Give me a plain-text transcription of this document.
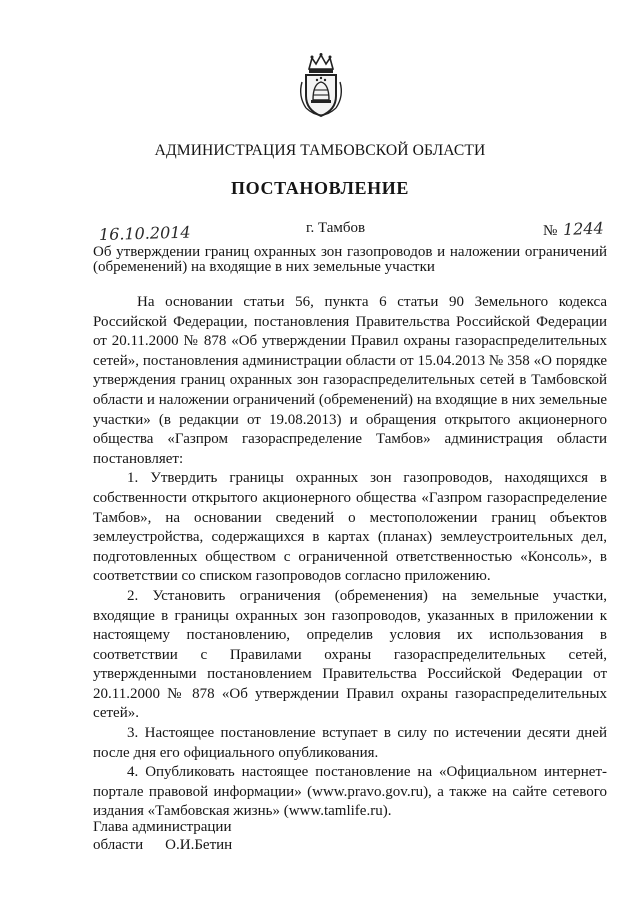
АДМИНИСТРАЦИЯ ТАМБОВСКОЙ ОБЛАСТИ
ПОСТАНОВЛЕНИЕ
16.10.2014	г. Тамбов	№ 1244
Об утверждении границ охранных зон газопроводов и наложении ограничений (обременений) на входящие в них земельные участки

На основании статьи 56, пункта 6 статьи 90 Земельного кодекса Российской Федерации, постановления Правительства Российской Федерации от 20.11.2000 № 878 «Об утверждении Правил охраны газораспределительных сетей», постановления администрации области от 15.04.2013 № 358 «О порядке утверждения границ охранных зон газораспределительных сетей в Тамбовской области и наложении ограничений (обременений) на входящие в них земельные участки» (в редакции от 19.08.2013) и обращения открытого акционерного общества «Газпром газораспределение Тамбов» администрация области постановляет:

1. Утвердить границы охранных зон газопроводов, находящихся в собственности открытого акционерного общества «Газпром газораспределение Тамбов», на основании сведений о местоположении границ объектов землеустройства, содержащихся в картах (планах) землеустроительных дел, подготовленных обществом с ограниченной ответственностью «Консоль», в соответствии со списком газопроводов согласно приложению.

2. Установить ограничения (обременения) на земельные участки, входящие в границы охранных зон газопроводов, указанных в приложении к настоящему постановлению, определив условия их использования в соответствии с Правилами охраны газораспределительных сетей, утвержденными постановлением Правительства Российской Федерации от 20.11.2000 № 878 «Об утверждении Правил охраны газораспределительных сетей».

3. Настоящее постановление вступает в силу по истечении десяти дней после дня его официального опубликования.

4. Опубликовать настоящее постановление на «Официальном интернет-портале правовой информации» (www.pravo.gov.ru), а также на сайте сетевого издания «Тамбовская жизнь» (www.tamlife.ru).

Глава администрации
области О.И.Бетин
